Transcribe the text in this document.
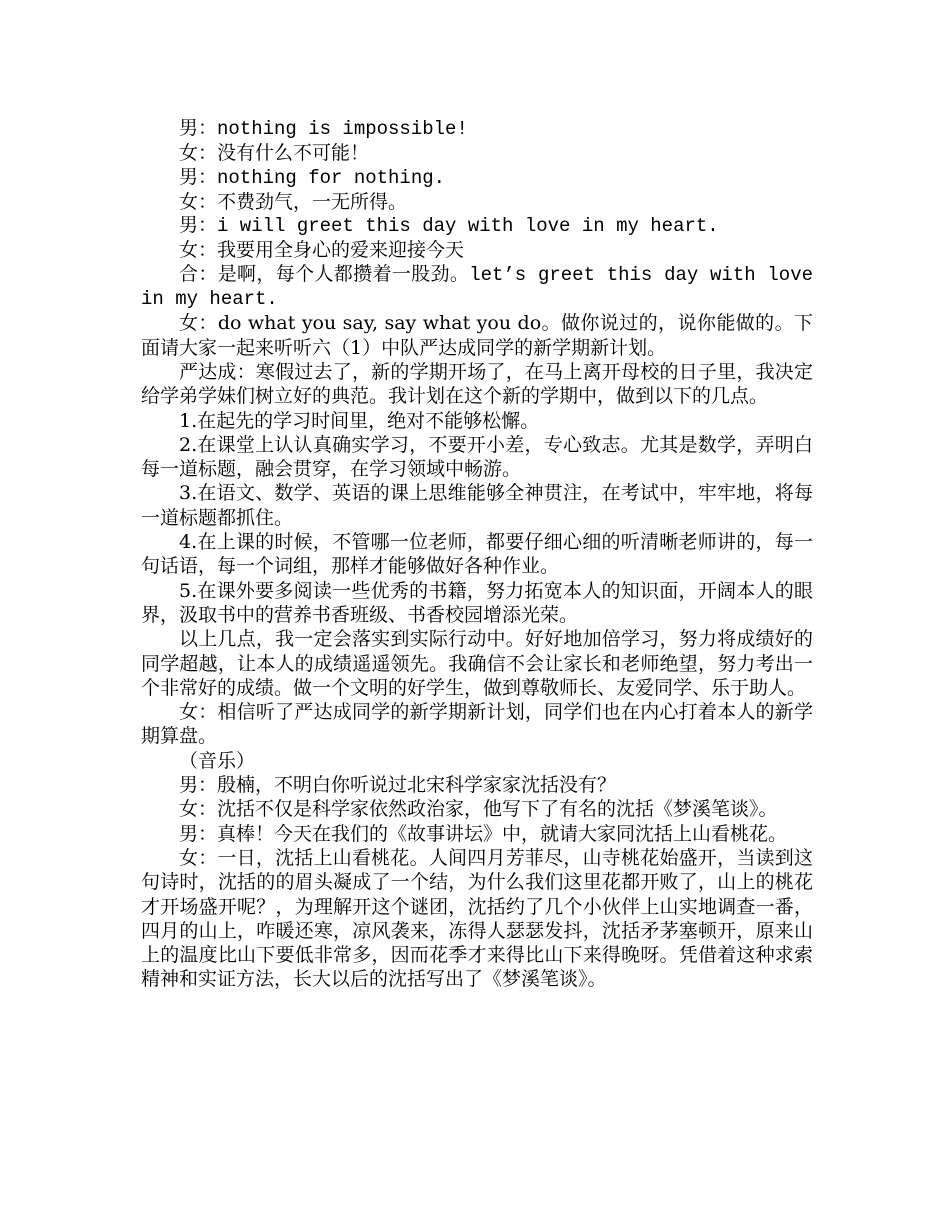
男：nothing is impossible!

女：没有什么不可能！

男：nothing for nothing.

女：不费劲气，一无所得。

男：i will greet this day with love in my heart.

女：我要用全身心的爱来迎接今天

合：是啊，每个人都攒着一股劲。let’s greet this day with love in my heart.

女：do what you say, say what you do。做你说过的，说你能做的。下面请大家一起来听听六（1）中队严达成同学的新学期新计划。

严达成：寒假过去了，新的学期开场了，在马上离开母校的日子里，我决定给学弟学妹们树立好的典范。我计划在这个新的学期中，做到以下的几点。

1.在起先的学习时间里，绝对不能够松懈。

2.在课堂上认认真确实学习，不要开小差，专心致志。尤其是数学，弄明白每一道标题，融会贯穿，在学习领域中畅游。

3.在语文、数学、英语的课上思维能够全神贯注，在考试中，牢牢地，将每一道标题都抓住。

4.在上课的时候，不管哪一位老师，都要仔细心细的听清晰老师讲的，每一句话语，每一个词组，那样才能够做好各种作业。

5.在课外要多阅读一些优秀的书籍，努力拓宽本人的知识面，开阔本人的眼界，汲取书中的营养书香班级、书香校园增添光荣。

以上几点，我一定会落实到实际行动中。好好地加倍学习，努力将成绩好的同学超越，让本人的成绩遥遥领先。我确信不会让家长和老师绝望，努力考出一个非常好的成绩。做一个文明的好学生，做到尊敬师长、友爱同学、乐于助人。

女：相信听了严达成同学的新学期新计划，同学们也在内心打着本人的新学期算盘。

（音乐）

男：殷楠，不明白你听说过北宋科学家家沈括没有？

女：沈括不仅是科学家依然政治家，他写下了有名的沈括《梦溪笔谈》。

男：真棒！今天在我们的《故事讲坛》中，就请大家同沈括上山看桃花。

女：一日，沈括上山看桃花。人间四月芳菲尽，山寺桃花始盛开，当读到这句诗时，沈括的的眉头凝成了一个结，为什么我们这里花都开败了，山上的桃花才开场盛开呢？，为理解开这个谜团，沈括约了几个小伙伴上山实地调查一番，四月的山上，咋暖还寒，凉风袭来，冻得人瑟瑟发抖，沈括矛茅塞顿开，原来山上的温度比山下要低非常多，因而花季才来得比山下来得晚呀。凭借着这种求索精神和实证方法，长大以后的沈括写出了《梦溪笔谈》。
